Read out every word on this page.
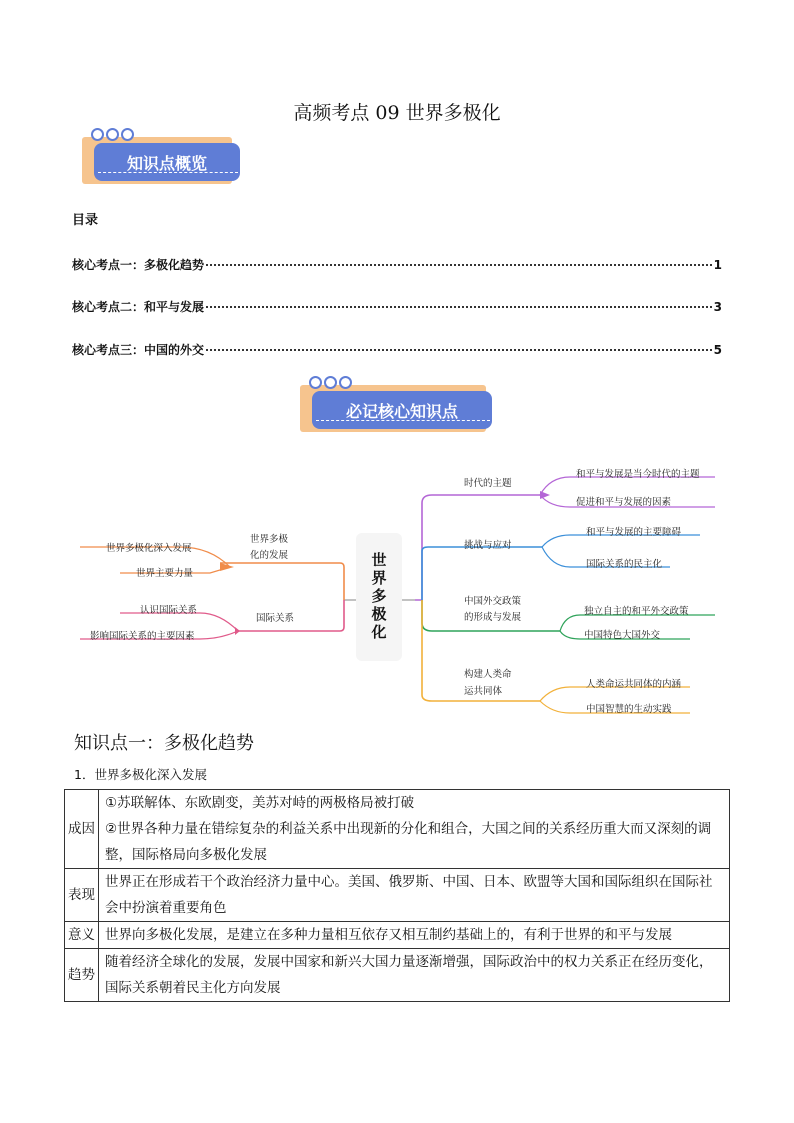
高频考点 09 世界多极化
知识点概览
目录
核心考点一：多极化趋势	1
核心考点二：和平与发展	3
核心考点三：中国的外交	5
必记核心知识点
世界多极化
世界多极
化的发展
世界多极化深入发展
世界主要力量
国际关系
认识国际关系
影响国际关系的主要因素
时代的主题
和平与发展是当今时代的主题
促进和平与发展的因素
挑战与应对
和平与发展的主要障碍
国际关系的民主化
中国外交政策
的形成与发展
独立自主的和平外交政策
中国特色大国外交
构建人类命
运共同体
人类命运共同体的内涵
中国智慧的生动实践
知识点一：多极化趋势
1．世界多极化深入发展
成因	①苏联解体、东欧剧变，美苏对峙的两极格局被打破
②世界各种力量在错综复杂的利益关系中出现新的分化和组合，大国之间的关系经历重大而又深刻的调整，国际格局向多极化发展

表现	世界正在形成若干个政治经济力量中心。美国、俄罗斯、中国、日本、欧盟等大国和国际组织在国际社会中扮演着重要角色
意义	世界向多极化发展，是建立在多种力量相互依存又相互制约基础上的，有利于世界的和平与发展
趋势	随着经济全球化的发展，发展中国家和新兴大国力量逐渐增强，国际政治中的权力关系正在经历变化，国际关系朝着民主化方向发展
